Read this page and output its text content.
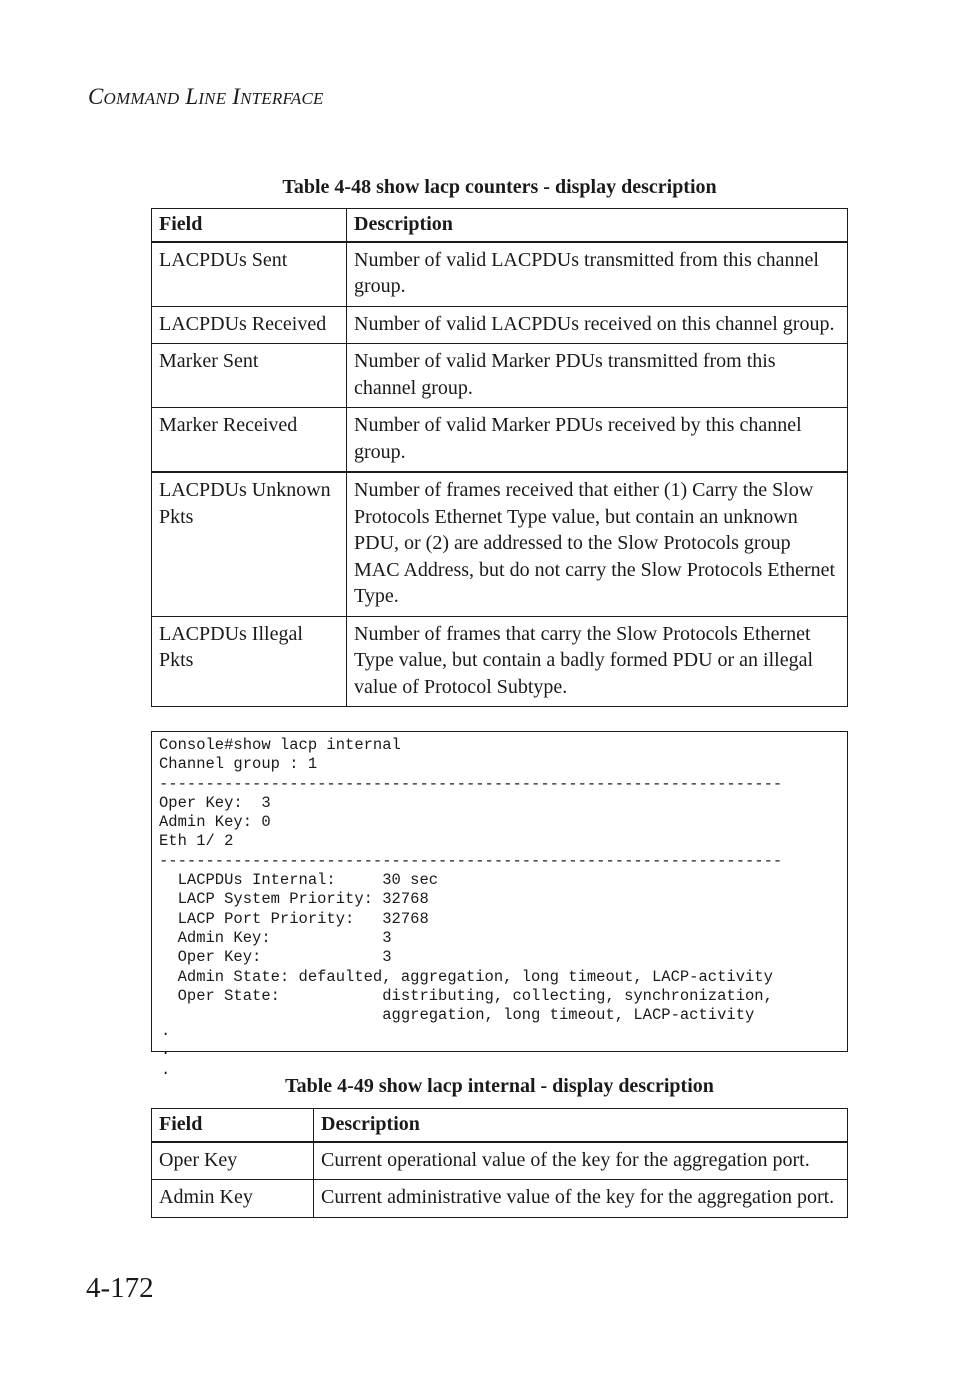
COMMAND LINE INTERFACE
Table 4-48 show lacp counters - display description
Field	Description
LACPDUs Sent	Number of valid LACPDUs transmitted from this channel group.
LACPDUs Received	Number of valid LACPDUs received on this channel group.
Marker Sent	Number of valid Marker PDUs transmitted from this channel group.
Marker Received	Number of valid Marker PDUs received by this channel group.
LACPDUs Unknown Pkts	Number of frames received that either (1) Carry the Slow Protocols Ethernet Type value, but contain an unknown PDU, or (2) are addressed to the Slow Protocols group MAC Address, but do not carry the Slow Protocols Ethernet Type.
LACPDUs Illegal Pkts	Number of frames that carry the Slow Protocols Ethernet Type value, but contain a badly formed PDU or an illegal value of Protocol Subtype.
Console#show lacp internal
Channel group : 1
-------------------------------------------------------------------
Oper Key:  3
Admin Key: 0
Eth 1/ 2
-------------------------------------------------------------------
LACPDUs Internal:     30 sec
LACP System Priority: 32768
LACP Port Priority:   32768
Admin Key:            3
Oper Key:             3
Admin State: defaulted, aggregation, long timeout, LACP-activity
Oper State:           distributing, collecting, synchronization,
aggregation, long timeout, LACP-activity
.
.
.
Table 4-49 show lacp internal - display description
Field	Description
Oper Key	Current operational value of the key for the aggregation port.
Admin Key	Current administrative value of the key for the aggregation port.
4-172
